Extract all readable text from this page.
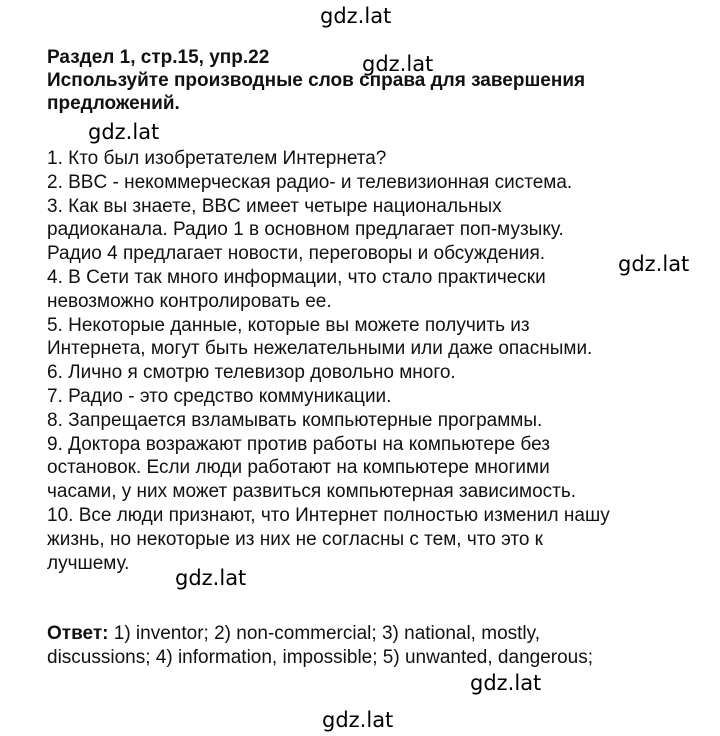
gdz.lat
gdz.lat
gdz.lat
gdz.lat
gdz.lat
gdz.lat
gdz.lat
Раздел 1, стр.15, упр.22
Используйте производные слов справа для завершения
предложений.
1. Кто был изобретателем Интернета?
2. BBC - некоммерческая радио- и телевизионная система.
3. Как вы знаете, BBC имеет четыре национальных
радиоканала. Радио 1 в основном предлагает поп-музыку.
Радио 4 предлагает новости, переговоры и обсуждения.
4. В Сети так много информации, что стало практически
невозможно контролировать ее.
5. Некоторые данные, которые вы можете получить из
Интернета, могут быть нежелательными или даже опасными.
6. Лично я смотрю телевизор довольно много.
7. Радио - это средство коммуникации.
8. Запрещается взламывать компьютерные программы.
9. Доктора возражают против работы на компьютере без
остановок. Если люди работают на компьютере многими
часами, у них может развиться компьютерная зависимость.
10. Все люди признают, что Интернет полностью изменил нашу
жизнь, но некоторые из них не согласны с тем, что это к
лучшему.
Ответ: 1) inventor; 2) non-commercial; 3) national, mostly,
discussions; 4) information, impossible; 5) unwanted, dangerous;
